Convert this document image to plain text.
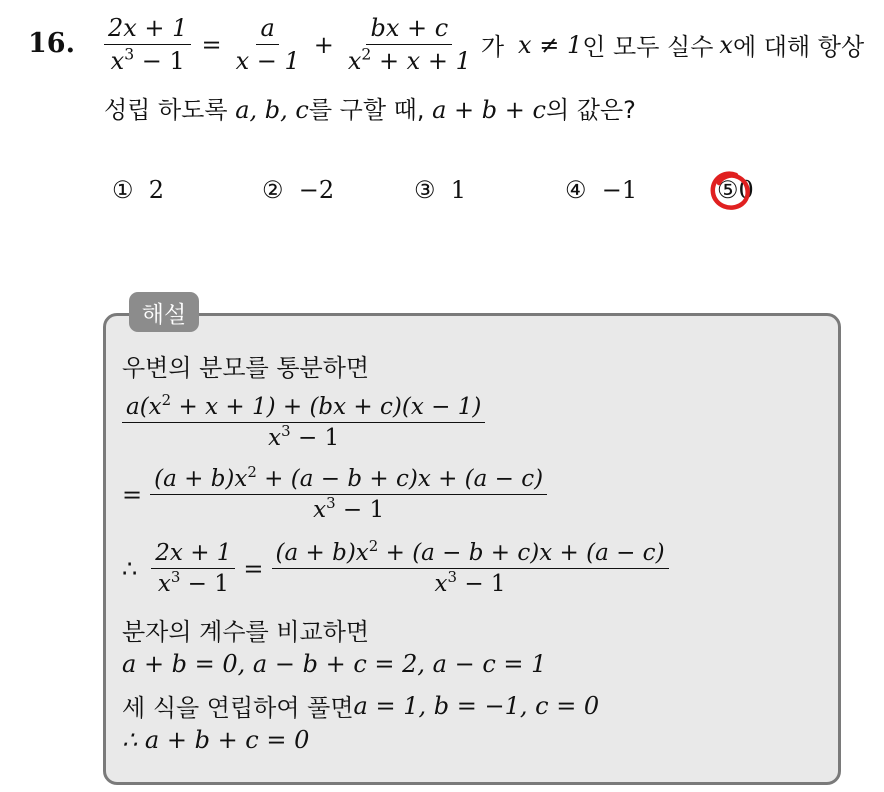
16. $\frac{2x + 1}{x^3 - 1} = \frac{a}{x - 1} + \frac{bx + c}{x^2 + x + 1}$ 가 x ≠ 1 인 모두 실수 x 에 대해 항상
성립 하도록 a, b, c를 구할 때, a + b + c의 값은?
① 2	② −2	③ 1	④ −1	⑤0
해설
우변의 분모를 통분하면
$\frac{a(x^2 + x + 1) + (bx + c)(x - 1)}{x^3 - 1}$
= $\frac{(a + b)x^2 + (a - b + c)x + (a - c)}{x^3 - 1}$
∴ $\frac{2x + 1}{x^3 - 1} = \frac{(a + b)x^2 + (a - b + c)x + (a - c)}{x^3 - 1}$
분자의 계수를 비교하면
a + b = 0, a − b + c = 2, a − c = 1
세 식을 연립하여 풀면 a = 1, b = −1, c = 0
∴ a + b + c = 0
